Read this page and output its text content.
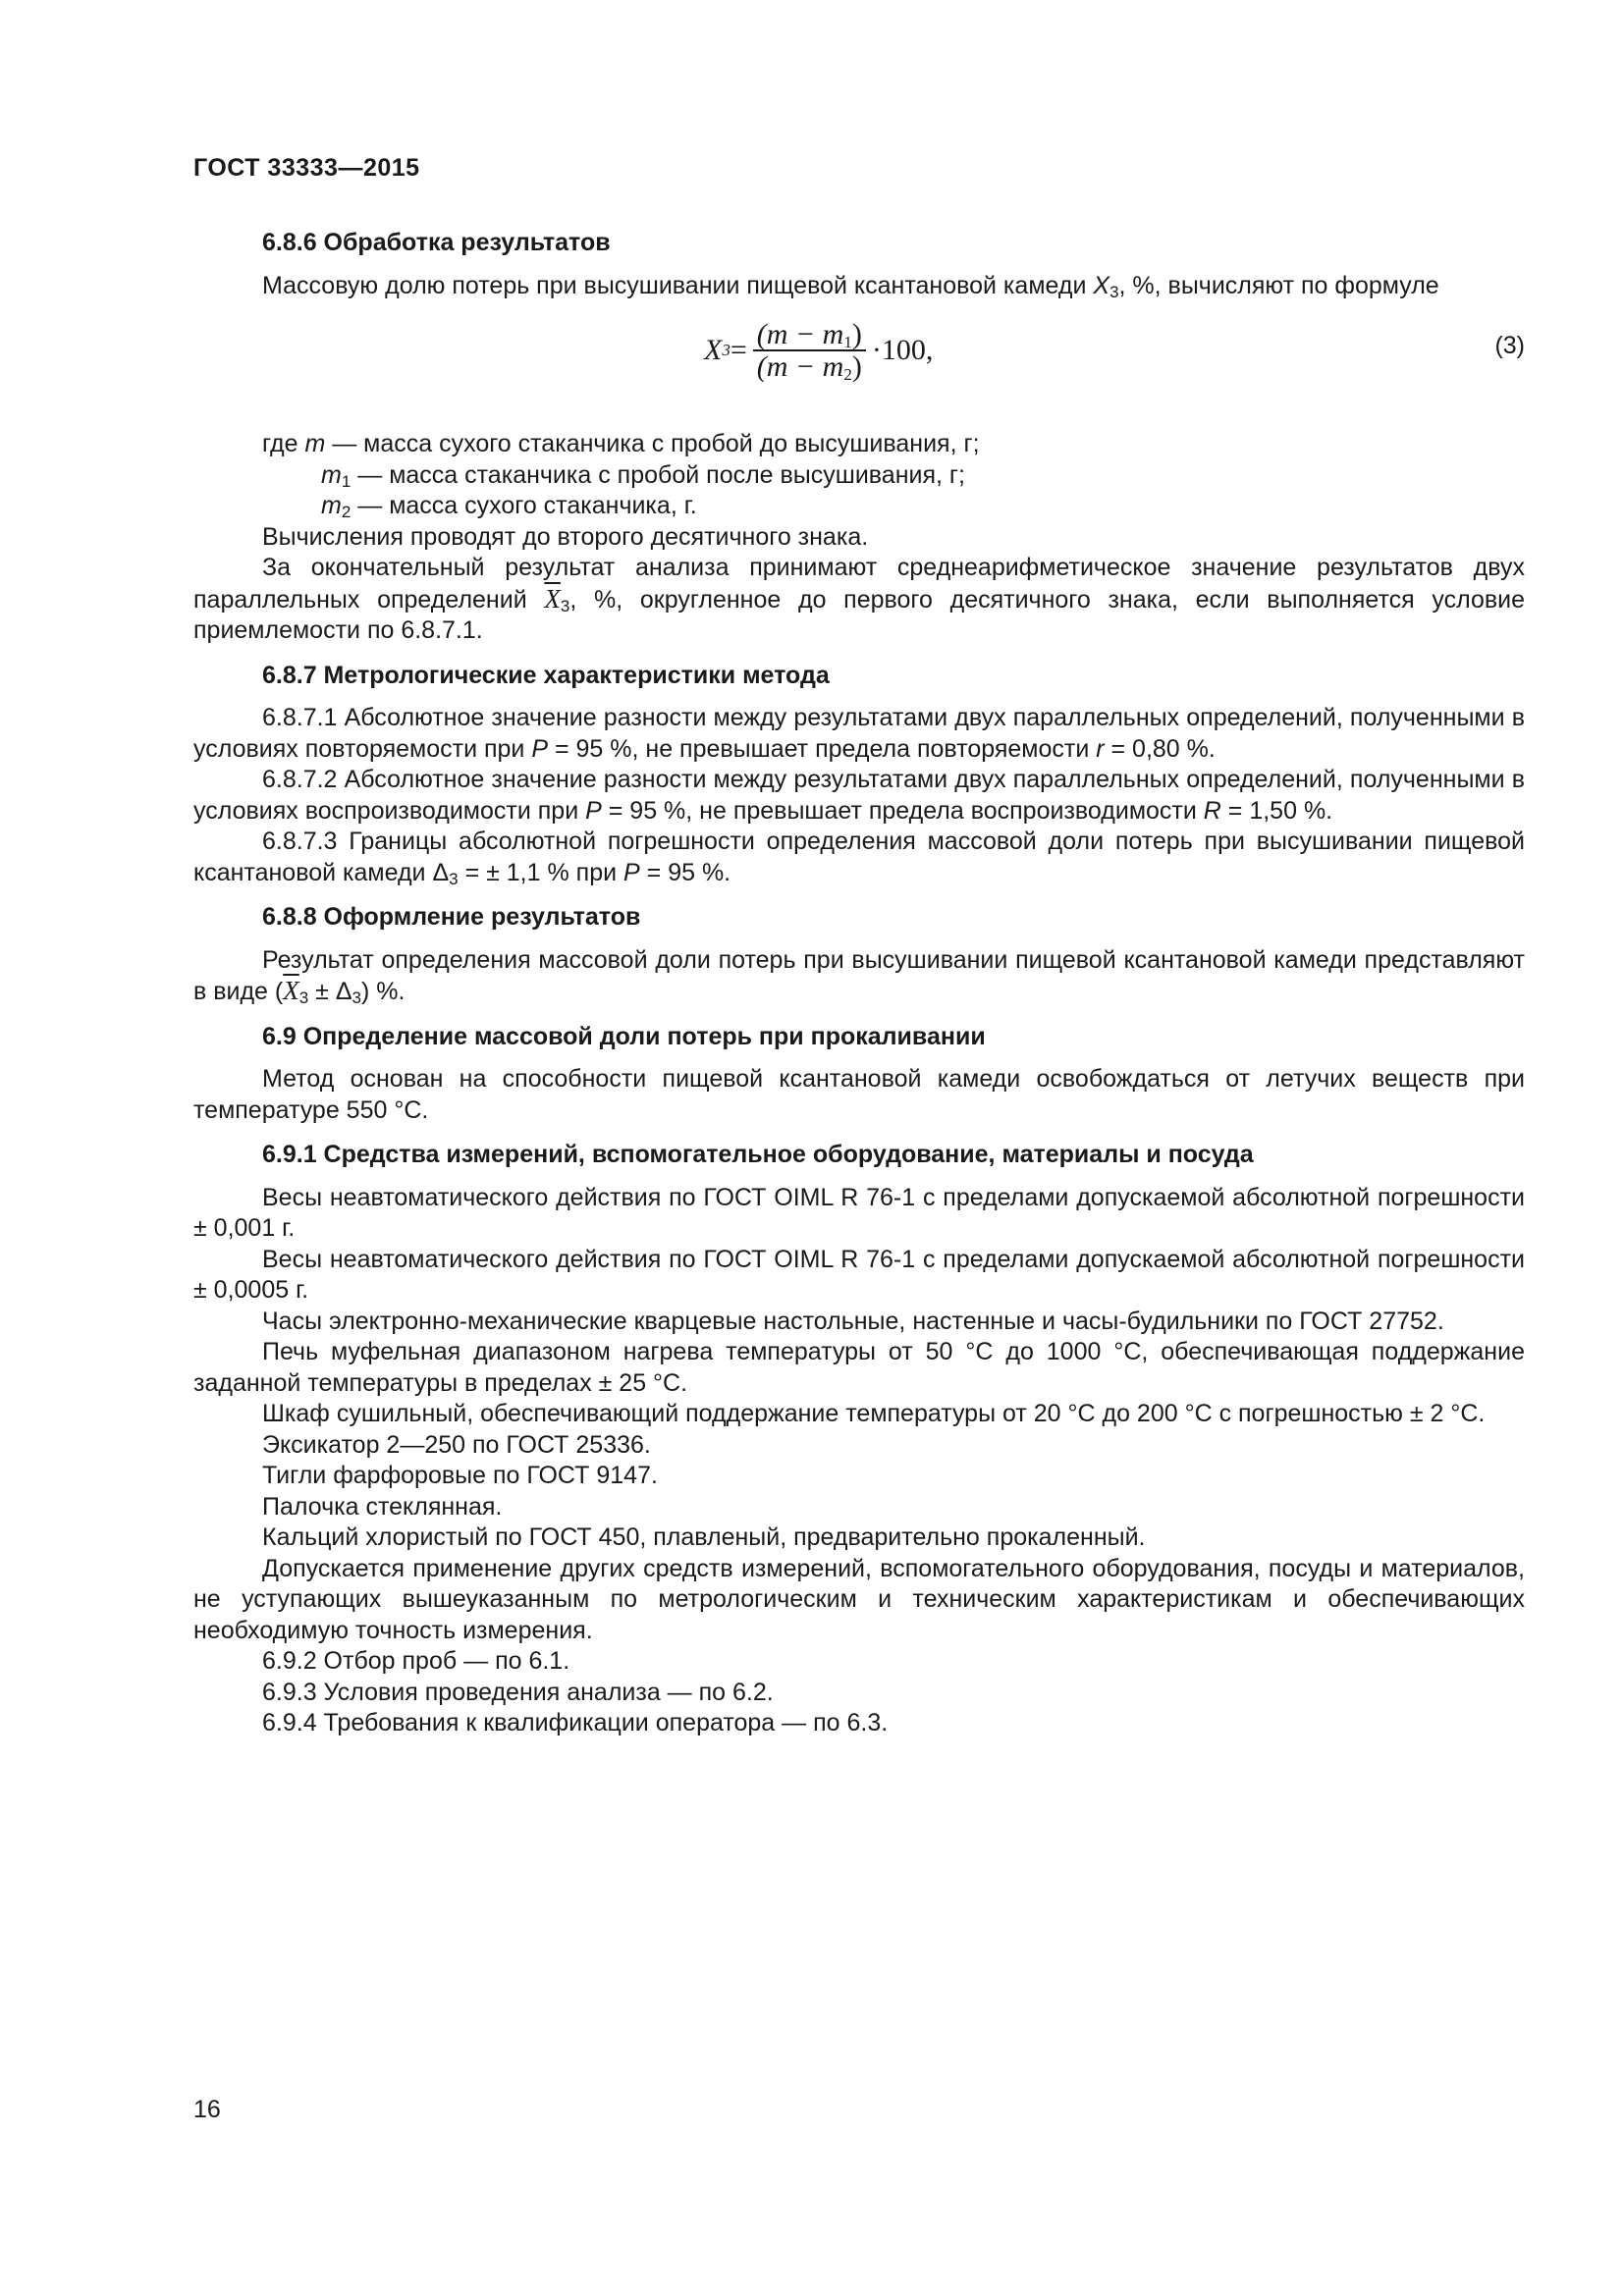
ГОСТ 33333—2015
6.8.6 Обработка результатов

Массовую долю потерь при высушивании пищевой ксантановой камеди $X_3$, %, вычисляют по формуле

X $3 = \frac{(m - m_1)}{(m - m_2)} \cdot 100$,	(3)
где m — масса сухого стаканчика с пробой до высушивания, г;
$m_1$ — масса стаканчика с пробой после высушивания, г;
$m_2$ — масса сухого стаканчика, г.

Вычисления проводят до второго десятичного знака.

За окончательный результат анализа принимают среднеарифметическое значение результатов двух параллельных определений $\overline{X}_3$, %, округленное до первого десятичного знака, если выполняется условие приемлемости по 6.8.7.1.

6.8.7 Метрологические характеристики метода

6.8.7.1 Абсолютное значение разности между результатами двух параллельных определений, полученными в условиях повторяемости при P = 95 %, не превышает предела повторяемости r = 0,80 %.

6.8.7.2 Абсолютное значение разности между результатами двух параллельных определений, полученными в условиях воспроизводимости при P = 95 %, не превышает предела воспроизводимости R = 1,50 %.

6.8.7.3 Границы абсолютной погрешности определения массовой доли потерь при высушивании пищевой ксантановой камеди $\Delta_3$ = ± 1,1 % при P = 95 %.

6.8.8 Оформление результатов

Результат определения массовой доли потерь при высушивании пищевой ксантановой камеди представляют в виде $(\overline{X}_3 \pm \Delta_3)$ %.

6.9 Определение массовой доли потерь при прокаливании

Метод основан на способности пищевой ксантановой камеди освобождаться от летучих веществ при температуре 550 °С.

6.9.1 Средства измерений, вспомогательное оборудование, материалы и посуда

Весы неавтоматического действия по ГОСТ OIML R 76-1 с пределами допускаемой абсолютной погрешности ± 0,001 г.

Весы неавтоматического действия по ГОСТ OIML R 76-1 с пределами допускаемой абсолютной погрешности ± 0,0005 г.

Часы электронно-механические кварцевые настольные, настенные и часы-будильники по ГОСТ 27752.

Печь муфельная диапазоном нагрева температуры от 50 °С до 1000 °С, обеспечивающая поддержание заданной температуры в пределах ± 25 °С.

Шкаф сушильный, обеспечивающий поддержание температуры от 20 °С до 200 °С с погрешностью ± 2 °С.

Эксикатор 2—250 по ГОСТ 25336.

Тигли фарфоровые по ГОСТ 9147.

Палочка стеклянная.

Кальций хлористый по ГОСТ 450, плавленый, предварительно прокаленный.

Допускается применение других средств измерений, вспомогательного оборудования, посуды и материалов, не уступающих вышеуказанным по метрологическим и техническим характеристикам и обеспечивающих необходимую точность измерения.

6.9.2 Отбор проб — по 6.1.

6.9.3 Условия проведения анализа — по 6.2.

6.9.4 Требования к квалификации оператора — по 6.3.

16
